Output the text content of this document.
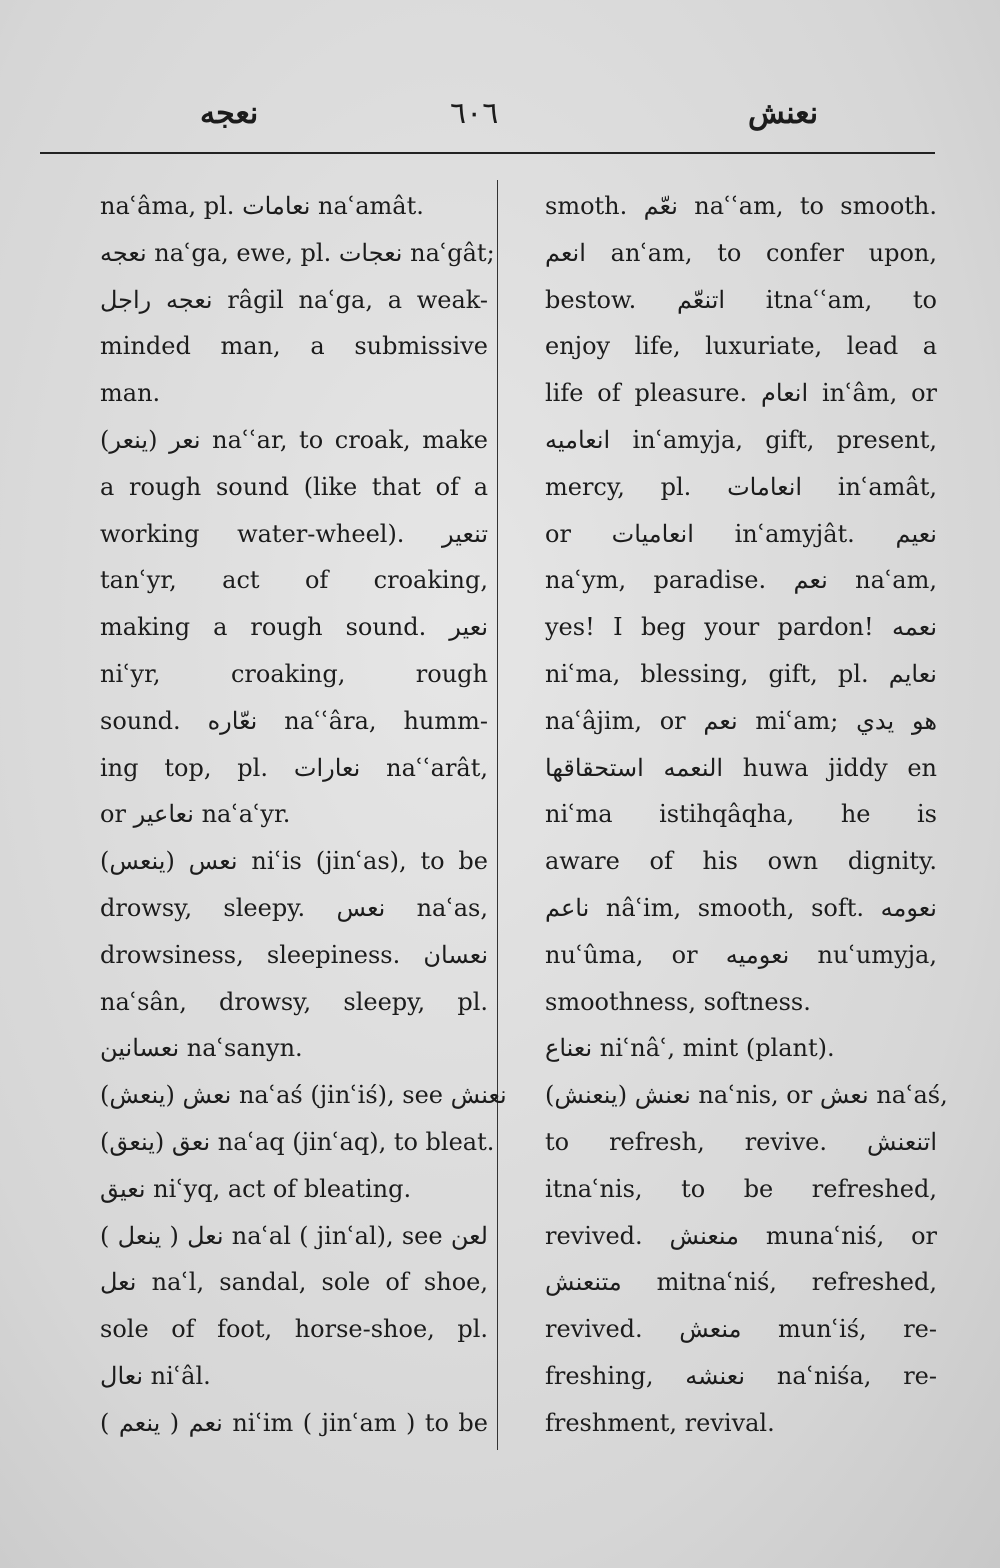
نعجه	٦٠٦	نعنش
naʿâma, pl. نعامات naʿamât.
نعجه naʿga, ewe, pl. نعجات naʿgât;
نعجه راجل râgil naʿga, a weak-
minded man, a submissive
man.
نعر (ينعر) naʿʿar, to croak, make
a rough sound (like that of a
working water-wheel). تنعير
tanʿyr, act of croaking,
making a rough sound. نعير
niʿyr, croaking, rough
sound. نعّاره naʿʿâra, humm-
ing top, pl. نعارات naʿʿarât,
or نعاعير naʿaʿyr.
نعس (ينعس) niʿis (jinʿas), to be
drowsy, sleepy. نعس naʿas,
drowsiness, sleepiness. نعسان
naʿsân, drowsy, sleepy, pl.
نعسانين naʿsanyn.
نعش (ينعش) naʿaś (jinʿiś), see نعنش
نعق (ينعق) naʿaq (jinʿaq), to bleat.
نعيق niʿyq, act of bleating.
نعل ( ينعل ) naʿal ( jinʿal), see لعن
نعل naʿl, sandal, sole of shoe,
sole of foot, horse-shoe, pl.
نعال niʿâl.
نعم ( ينعم ) niʿim ( jinʿam ) to be
smoth. نعّم naʿʿam, to smooth.
انعم anʿam, to confer upon,
bestow. اتنعّم itnaʿʿam, to
enjoy life, luxuriate, lead a
life of pleasure. انعام inʿâm, or
انعاميه inʿamyja, gift, present,
mercy, pl. انعامات inʿamât,
or انعاميات inʿamyjât. نعيم
naʿym, paradise. نعم naʿam,
yes! I beg your pardon! نعمه
niʿma, blessing, gift, pl. نعايم
naʿâjim, or نعم miʿam; هو يدي
النعمه استحقاقها huwa jiddy en
niʿma istihqâqha, he is
aware of his own dignity.
ناعم nâʿim, smooth, soft. نعومه
nuʿûma, or نعوميه nuʿumyja,
smoothness, softness.
نعناع niʿnâʿ, mint (plant).
نعنش (ينعنش) naʿnis, or نعش naʿaś,
to refresh, revive. اتنعنش
itnaʿnis, to be refreshed,
revived. منعنش munaʿniś, or
متنعنش mitnaʿniś, refreshed,
revived. منعش munʿiś, re-
freshing, نعنشه naʿniśa, re-
freshment, revival.
